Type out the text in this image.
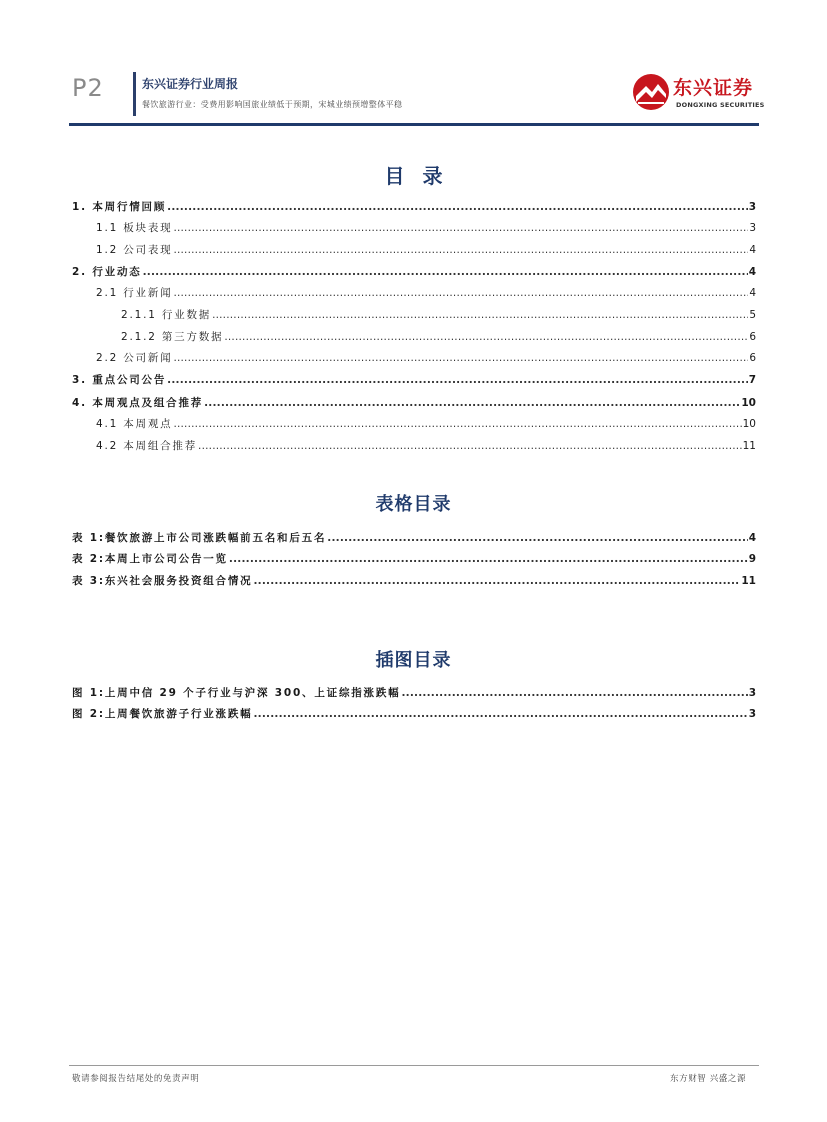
P2	东兴证券行业周报
餐饮旅游行业：受费用影响国旅业绩低于预期，宋城业绩预增整体平稳
东兴证券
DONGXING SECURITIES
目录
1. 本周行情回顾 .....	3
1.1 板块表现 .....	3
1.2 公司表现 .....	4
2. 行业动态 .....	4
2.1 行业新闻 .....	4
2.1.1 行业数据 .....	5
2.1.2 第三方数据 .....	6
2.2 公司新闻 .....	6
3. 重点公司公告 .....	7
4. 本周观点及组合推荐 .....	10
4.1 本周观点 .....	10
4.2 本周组合推荐 .....	11
表格目录
表 1:餐饮旅游上市公司涨跌幅前五名和后五名 .....	4
表 2:本周上市公司公告一览 .....	9
表 3:东兴社会服务投资组合情况 .....	11
插图目录
图 1:上周中信 29 个子行业与沪深 300、上证综指涨跌幅 .....	3
图 2:上周餐饮旅游子行业涨跌幅 .....	3
敬请参阅报告结尾处的免责声明	东方财智 兴盛之源
